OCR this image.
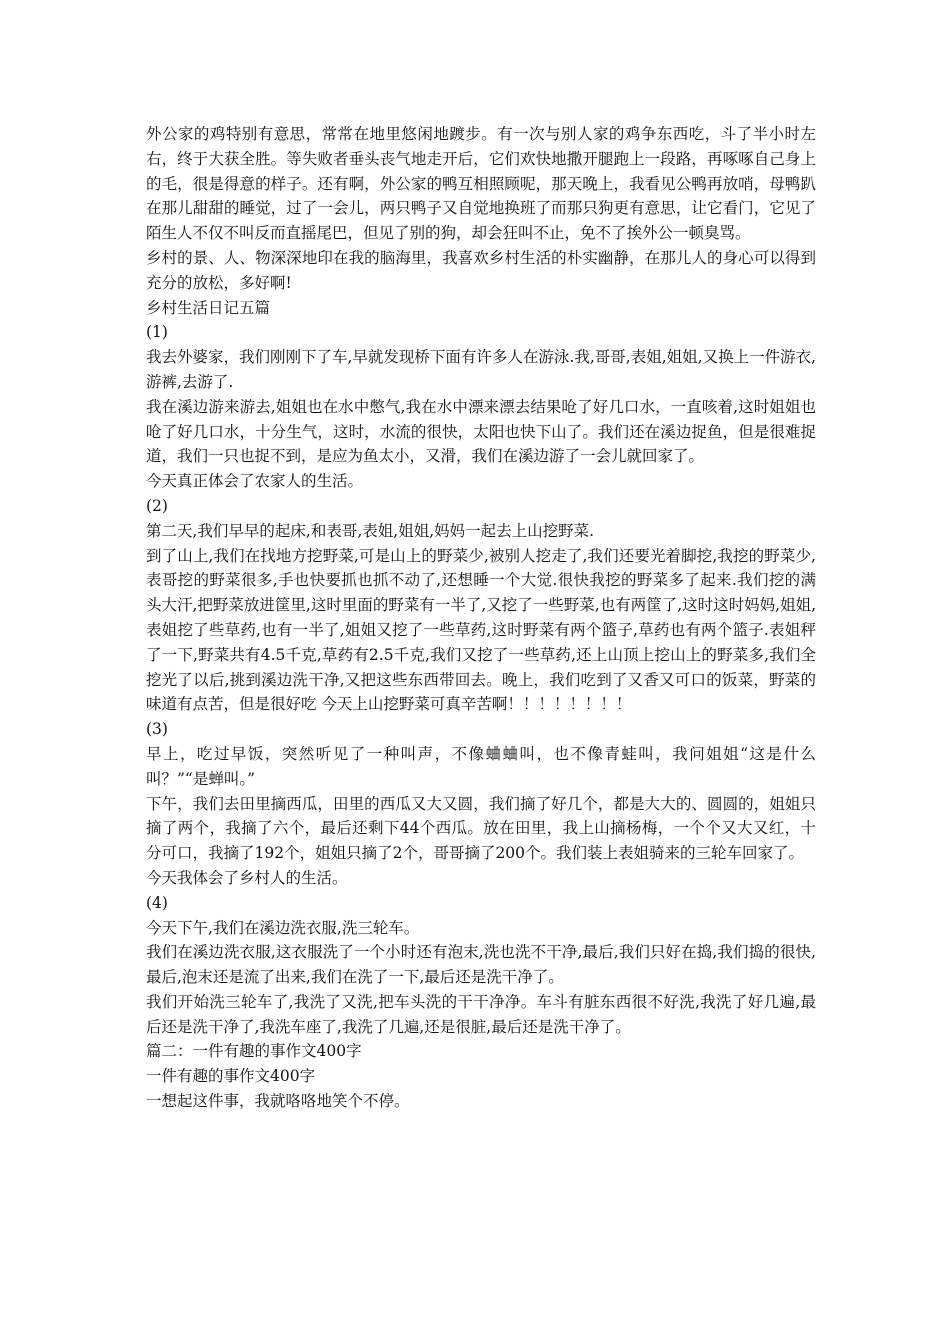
外公家的鸡特别有意思，常常在地里悠闲地踱步。有一次与别人家的鸡争东西吃，斗了半小时左右，终于大获全胜。等失败者垂头丧气地走开后，它们欢快地撒开腿跑上一段路，再啄啄自己身上的毛，很是得意的样子。还有啊，外公家的鸭互相照顾呢，那天晚上，我看见公鸭再放哨，母鸭趴在那儿甜甜的睡觉，过了一会儿，两只鸭子又自觉地换班了而那只狗更有意思，让它看门，它见了陌生人不仅不叫反而直摇尾巴，但见了别的狗，却会狂叫不止，免不了挨外公一顿臭骂。

乡村的景、人、物深深地印在我的脑海里，我喜欢乡村生活的朴实幽静，在那儿人的身心可以得到充分的放松，多好啊!

乡村生活日记五篇

(1)

我去外婆家，我们刚刚下了车,早就发现桥下面有许多人在游泳.我,哥哥,表姐,姐姐,又换上一件游衣,游裤,去游了.

我在溪边游来游去,姐姐也在水中憋气,我在水中漂来漂去结果呛了好几口水，一直咳着,这时姐姐也呛了好几口水，十分生气，这时，水流的很快，太阳也快下山了。我们还在溪边捉鱼，但是很难捉道，我们一只也捉不到，是应为鱼太小，又滑，我们在溪边游了一会儿就回家了。

今天真正体会了农家人的生活。

(2)

第二天,我们早早的起床,和表哥,表姐,姐姐,妈妈一起去上山挖野菜.

到了山上,我们在找地方挖野菜,可是山上的野菜少,被别人挖走了,我们还要光着脚挖,我挖的野菜少,表哥挖的野菜很多,手也快要抓也抓不动了,还想睡一个大觉.很快我挖的野菜多了起来.我们挖的满头大汗,把野菜放进筐里,这时里面的野菜有一半了,又挖了一些野菜,也有两筐了,这时这时妈妈,姐姐,表姐挖了些草药,也有一半了,姐姐又挖了一些草药,这时野菜有两个篮子,草药也有两个篮子.表姐秤了一下,野菜共有4.5千克,草药有2.5千克,我们又挖了一些草药,还上山顶上挖山上的野菜多,我们全挖光了以后,挑到溪边洗干净,又把这些东西带回去。晚上，我们吃到了又香又可口的饭菜，野菜的味道有点苦，但是很好吃 今天上山挖野菜可真辛苦啊！！！！！！！！

(3)

早上，吃过早饭，突然听见了一种叫声，不像蛐蛐叫，也不像青蛙叫，我问姐姐“这是什么叫？”“是蝉叫。”

下午，我们去田里摘西瓜，田里的西瓜又大又圆，我们摘了好几个，都是大大的、圆圆的，姐姐只摘了两个，我摘了六个，最后还剩下44个西瓜。放在田里，我上山摘杨梅，一个个又大又红，十分可口，我摘了192个，姐姐只摘了2个，哥哥摘了200个。我们装上表姐骑来的三轮车回家了。

今天我体会了乡村人的生活。

(4)

今天下午,我们在溪边洗衣服,洗三轮车。

我们在溪边洗衣服,这衣服洗了一个小时还有泡末,洗也洗不干净,最后,我们只好在捣,我们捣的很快,最后,泡末还是流了出来,我们在洗了一下,最后还是洗干净了。

我们开始洗三轮车了,我洗了又洗,把车头洗的干干净净。车斗有脏东西很不好洗,我洗了好几遍,最后还是洗干净了,我洗车座了,我洗了几遍,还是很脏,最后还是洗干净了。

篇二：一件有趣的事作文400字

一件有趣的事作文400字

一想起这件事，我就咯咯地笑个不停。
